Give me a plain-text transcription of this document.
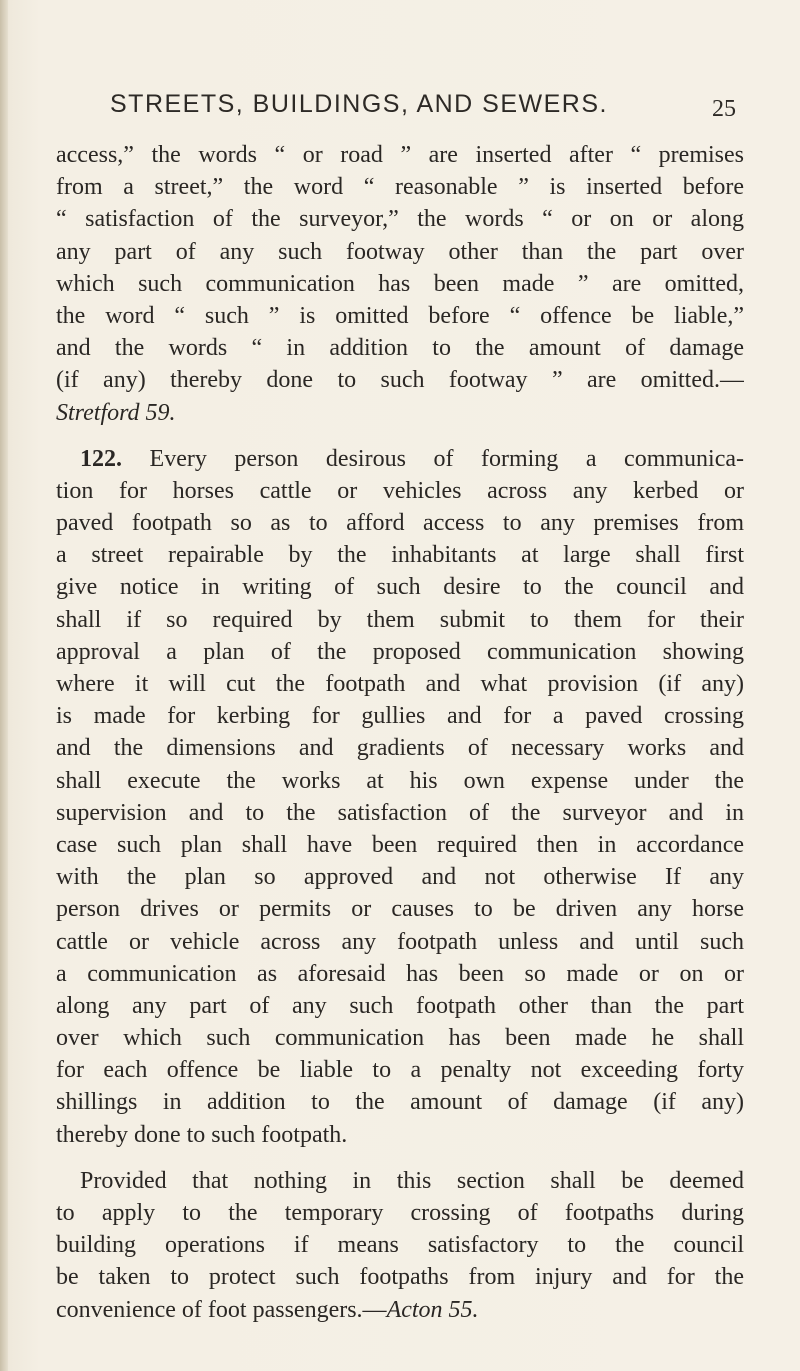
STREETS, BUILDINGS, AND SEWERS.	25
access,” the words “ or road ” are inserted after “ premises
from a street,” the word “ reasonable ” is inserted before
“ satisfaction of the surveyor,” the words “ or on or along
any part of any such footway other than the part over
which such communication has been made ” are omitted,
the word “ such ” is omitted before “ offence be liable,”
and the words “ in addition to the amount of damage
(if any) thereby done to such footway ” are omitted.—
Stretford 59.
122. Every person desirous of forming a communica-
tion for horses cattle or vehicles across any kerbed or
paved footpath so as to afford access to any premises from
a street repairable by the inhabitants at large shall first
give notice in writing of such desire to the council and
shall if so required by them submit to them for their
approval a plan of the proposed communication showing
where it will cut the footpath and what provision (if any)
is made for kerbing for gullies and for a paved crossing
and the dimensions and gradients of necessary works and
shall execute the works at his own expense under the
supervision and to the satisfaction of the surveyor and in
case such plan shall have been required then in accordance
with the plan so approved and not otherwise If any
person drives or permits or causes to be driven any horse
cattle or vehicle across any footpath unless and until such
a communication as aforesaid has been so made or on or
along any part of any such footpath other than the part
over which such communication has been made he shall
for each offence be liable to a penalty not exceeding forty
shillings in addition to the amount of damage (if any)
thereby done to such footpath.
Provided that nothing in this section shall be deemed
to apply to the temporary crossing of footpaths during
building operations if means satisfactory to the council
be taken to protect such footpaths from injury and for the
convenience of foot passengers.—Acton 55.
